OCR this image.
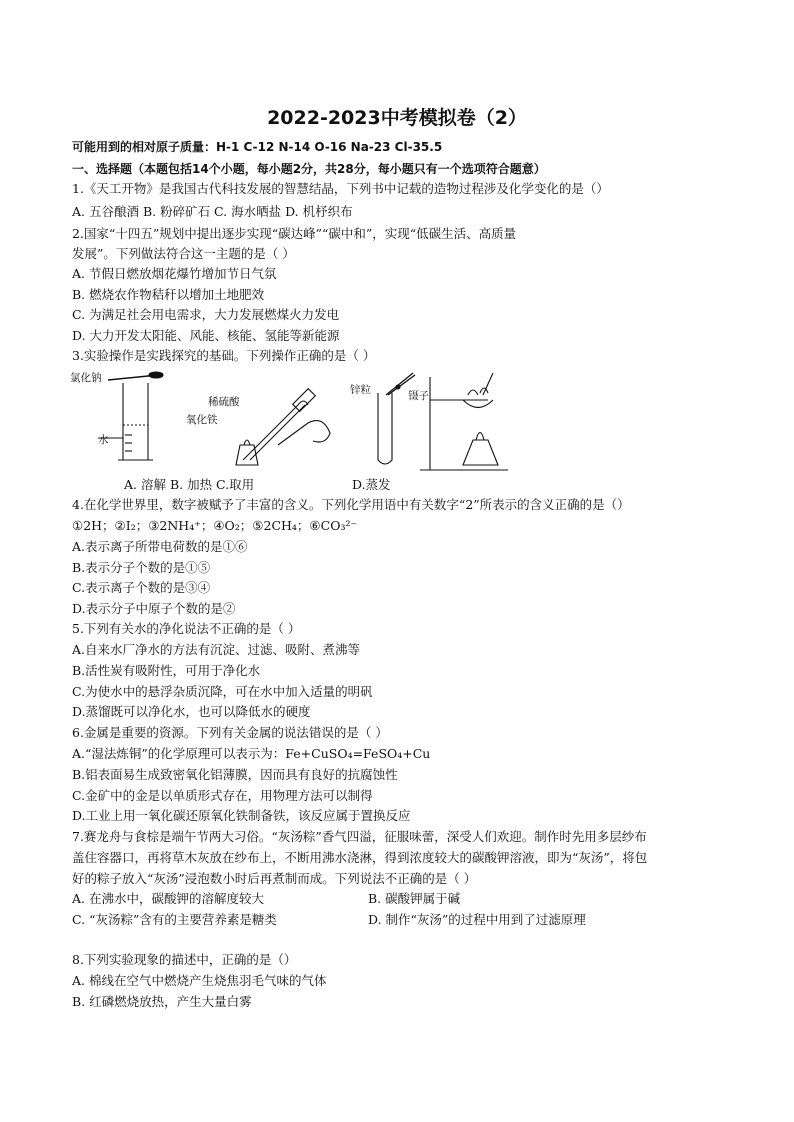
2022-2023中考模拟卷（2）
可能用到的相对原子质量：H-1 C-12 N-14 O-16 Na-23 Cl-35.5
一、选择题（本题包括14个小题，每小题2分，共28分，每小题只有一个选项符合题意）
1.《天工开物》是我国古代科技发展的智慧结晶，下列书中记载的造物过程涉及化学变化的是（）
A. 五谷酿酒 B. 粉碎矿石 C. 海水晒盐 D. 机杼织布
2.国家“十四五”规划中提出逐步实现“碳达峰”“碳中和”，实现“低碳生活、高质量
发展”。下列做法符合这一主题的是（ ）
A. 节假日燃放烟花爆竹增加节日气氛
B. 燃烧农作物秸秆以增加土地肥效
C. 为满足社会用电需求，大力发展燃煤火力发电
D. 大力开发太阳能、风能、核能、氢能等新能源
3.实验操作是实践探究的基础。下列操作正确的是（ ）
氯化钠
水
稀硫酸
氧化铁
锌粒	镊子
A. 溶解 B. 加热 C.取用	D.蒸发
4.在化学世界里，数字被赋予了丰富的含义。下列化学用语中有关数字“2”所表示的含义正确的是（）
①2H；②I₂；③2NH₄⁺；④O₂；⑤2CH₄；⑥CO₃²⁻
A.表示离子所带电荷数的是①⑥
B.表示分子个数的是①⑤
C.表示离子个数的是③④
D.表示分子中原子个数的是②
5.下列有关水的净化说法不正确的是（ ）
A.自来水厂净水的方法有沉淀、过滤、吸附、煮沸等
B.活性炭有吸附性，可用于净化水
C.为使水中的悬浮杂质沉降，可在水中加入适量的明矾
D.蒸馏既可以净化水，也可以降低水的硬度
6.金属是重要的资源。下列有关金属的说法错误的是（ ）
A.“湿法炼铜”的化学原理可以表示为：Fe+CuSO₄=FeSO₄+Cu
B.铝表面易生成致密氧化铝薄膜，因而具有良好的抗腐蚀性
C.金矿中的金是以单质形式存在，用物理方法可以制得
D.工业上用一氧化碳还原氧化铁制备铁，该反应属于置换反应
7.赛龙舟与食棕是端午节两大习俗。“灰汤粽”香气四溢，征服味蕾，深受人们欢迎。制作时先用多层纱布
盖住容器口，再将草木灰放在纱布上，不断用沸水浇淋，得到浓度较大的碳酸钾溶液，即为“灰汤”，将包
好的粽子放入“灰汤”浸泡数小时后再煮制而成。下列说法不正确的是（ ）
A. 在沸水中，碳酸钾的溶解度较大	B. 碳酸钾属于碱
C. “灰汤粽”含有的主要营养素是糖类	D. 制作“灰汤”的过程中用到了过滤原理
8.下列实验现象的描述中，正确的是（）
A. 棉线在空气中燃烧产生烧焦羽毛气味的气体
B. 红磷燃烧放热，产生大量白雾
